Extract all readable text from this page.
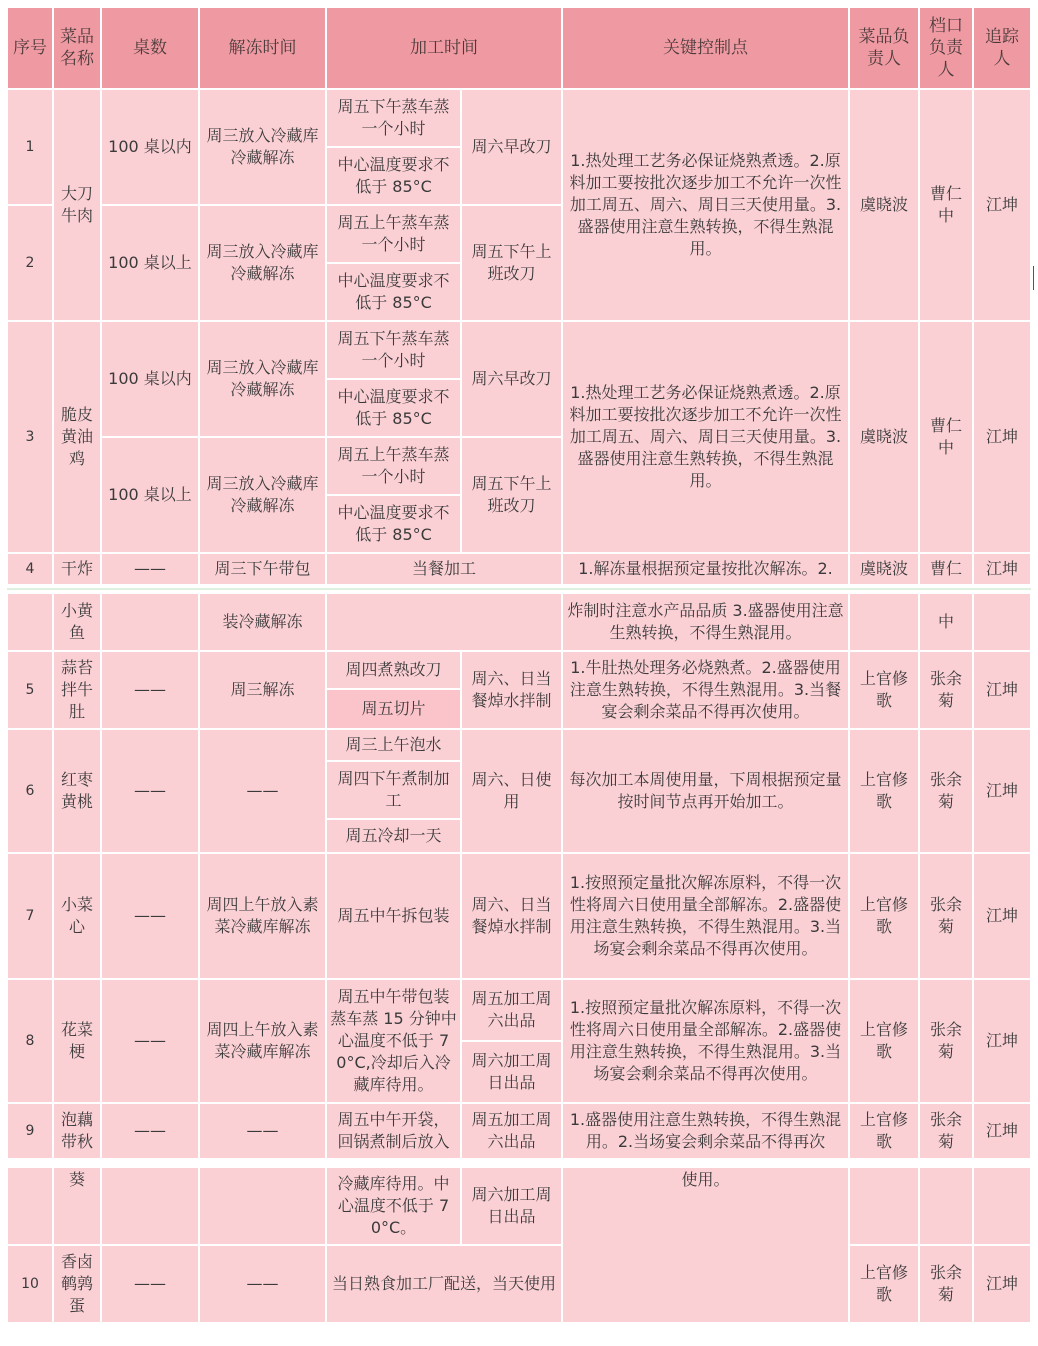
序号	菜品名称	桌数	解冻时间	加工时间		关键控制点	菜品负责人	档口负责人	追踪人
1	大刀牛肉	100 桌以内	周三放入冷藏库冷藏解冻	周五下午蒸车蒸一个小时	周六早改刀	1.热处理工艺务必保证烧熟煮透。2.原料加工要按批次逐步加工不允许一次性加工周五、周六、周日三天使用量。3.盛器使用注意生熟转换，不得生熟混用。	虞晓波	曹仁中	江坤
				中心温度要求不低于 85°C					
2		100 桌以上	周三放入冷藏库冷藏解冻	周五上午蒸车蒸一个小时	周五下午上班改刀				
				中心温度要求不低于 85°C					
3	脆皮黄油鸡	100 桌以内	周三放入冷藏库冷藏解冻	周五下午蒸车蒸一个小时	周六早改刀	1.热处理工艺务必保证烧熟煮透。2.原料加工要按批次逐步加工不允许一次性加工周五、周六、周日三天使用量。3.盛器使用注意生熟转换，不得生熟混用。	虞晓波	曹仁中	江坤
				中心温度要求不低于 85°C					
		100 桌以上	周三放入冷藏库冷藏解冻	周五上午蒸车蒸一个小时	周五下午上班改刀				
				中心温度要求不低于 85°C					
4	干炸	——	周三下午带包	当餐加工		1.解冻量根据预定量按批次解冻。2.	虞晓波	曹仁	江坤

	小黄鱼		装冷藏解冻			炸制时注意水产品品质 3.盛器使用注意生熟转换，不得生熟混用。		中	
5	蒜苔拌牛肚	——	周三解冻	周四煮熟改刀	周六、日当餐焯水拌制	1.牛肚热处理务必烧熟煮。2.盛器使用注意生熟转换，不得生熟混用。3.当餐宴会剩余菜品不得再次使用。	上官修歌	张余菊	江坤
				周五切片					
6	红枣黄桃	——	——	周三上午泡水	周六、日使用	每次加工本周使用量，下周根据预定量按时间节点再开始加工。	上官修歌	张余菊	江坤
				周四下午煮制加工					
				周五冷却一天					
7	小菜心	——	周四上午放入素菜冷藏库解冻	周五中午拆包装	周六、日当餐焯水拌制	1.按照预定量批次解冻原料，不得一次性将周六日使用量全部解冻。2.盛器使用注意生熟转换，不得生熟混用。3.当场宴会剩余菜品不得再次使用。	上官修歌	张余菊	江坤
8	花菜梗	——	周四上午放入素菜冷藏库解冻	周五中午带包装蒸车蒸 15 分钟中心温度不低于 70°C,冷却后入冷藏库待用。	周五加工周六出品	1.按照预定量批次解冻原料，不得一次性将周六日使用量全部解冻。2.盛器使用注意生熟转换，不得生熟混用。3.当场宴会剩余菜品不得再次使用。	上官修歌	张余菊	江坤
					周六加工周日出品				
9	泡藕带秋	——	——	周五中午开袋，回锅煮制后放入	周五加工周六出品	1.盛器使用注意生熟转换，不得生熟混用。2.当场宴会剩余菜品不得再次	上官修歌	张余菊	江坤

	葵			冷藏库待用。中心温度不低于 70°C。	周六加工周日出品	使用。			
10	香卤鹌鹑蛋	——	——	当日熟食加工厂配送，当天使用			上官修歌	张余菊	江坤
